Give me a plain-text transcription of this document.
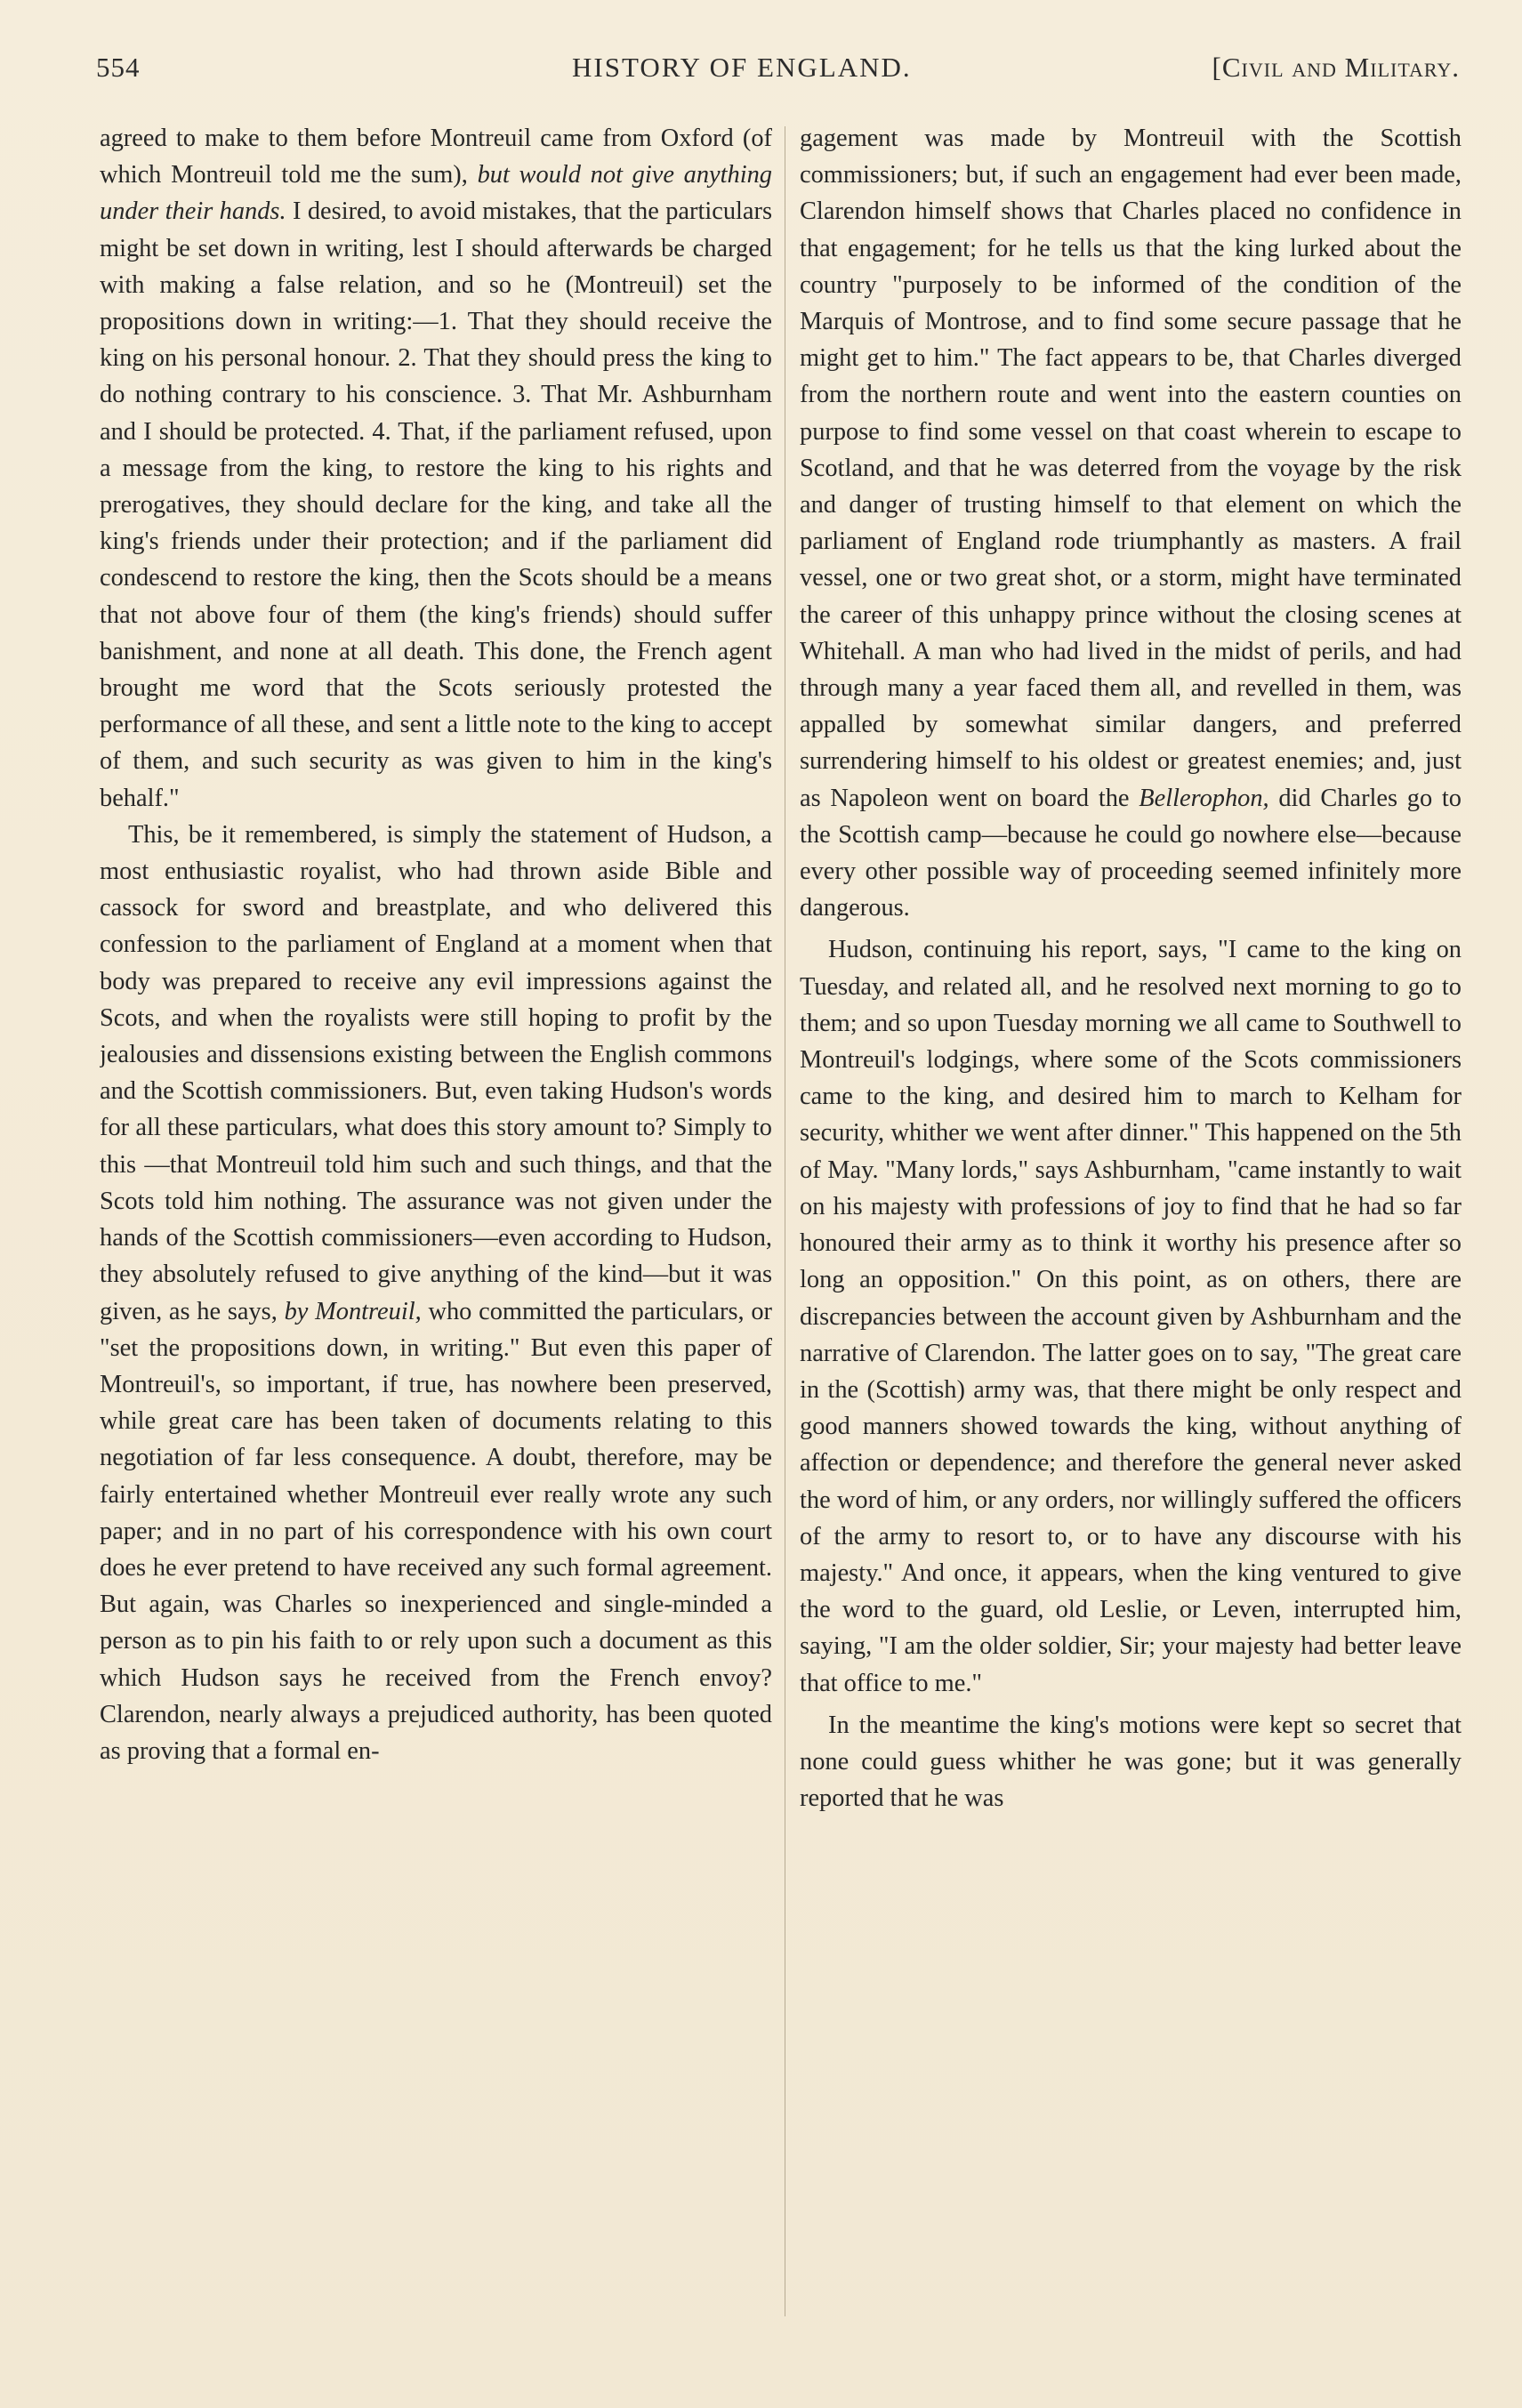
554	HISTORY OF ENGLAND.	[Civil and Military.

agreed to make to them before Montreuil came from Oxford (of which Montreuil told me the sum), but would not give anything under their hands. I desired, to avoid mistakes, that the particulars might be set down in writing, lest I should afterwards be charged with making a false relation, and so he (Montreuil) set the propositions down in writing:—1. That they should receive the king on his personal honour. 2. That they should press the king to do nothing contrary to his conscience. 3. That Mr. Ashburnham and I should be protected. 4. That, if the parliament refused, upon a message from the king, to restore the king to his rights and prerogatives, they should declare for the king, and take all the king's friends under their protection; and if the parliament did condescend to restore the king, then the Scots should be a means that not above four of them (the king's friends) should suffer banishment, and none at all death. This done, the French agent brought me word that the Scots seriously protested the performance of all these, and sent a little note to the king to accept of them, and such security as was given to him in the king's behalf."

This, be it remembered, is simply the statement of Hudson, a most enthusiastic royalist, who had thrown aside Bible and cassock for sword and breastplate, and who delivered this confession to the parliament of England at a moment when that body was prepared to receive any evil impressions against the Scots, and when the royalists were still hoping to profit by the jealousies and dissensions existing between the English commons and the Scottish commissioners. But, even taking Hudson's words for all these particulars, what does this story amount to? Simply to this —that Montreuil told him such and such things, and that the Scots told him nothing. The assurance was not given under the hands of the Scottish commissioners—even according to Hudson, they absolutely refused to give anything of the kind—but it was given, as he says, by Montreuil, who committed the particulars, or "set the propositions down, in writing." But even this paper of Montreuil's, so important, if true, has nowhere been preserved, while great care has been taken of documents relating to this negotiation of far less consequence. A doubt, therefore, may be fairly entertained whether Montreuil ever really wrote any such paper; and in no part of his correspondence with his own court does he ever pretend to have received any such formal agreement. But again, was Charles so inexperienced and single-minded a person as to pin his faith to or rely upon such a document as this which Hudson says he received from the French envoy? Clarendon, nearly always a prejudiced authority, has been quoted as proving that a formal en-

gagement was made by Montreuil with the Scottish commissioners; but, if such an engagement had ever been made, Clarendon himself shows that Charles placed no confidence in that engagement; for he tells us that the king lurked about the country "purposely to be informed of the condition of the Marquis of Montrose, and to find some secure passage that he might get to him." The fact appears to be, that Charles diverged from the northern route and went into the eastern counties on purpose to find some vessel on that coast wherein to escape to Scotland, and that he was deterred from the voyage by the risk and danger of trusting himself to that element on which the parliament of England rode triumphantly as masters. A frail vessel, one or two great shot, or a storm, might have terminated the career of this unhappy prince without the closing scenes at Whitehall. A man who had lived in the midst of perils, and had through many a year faced them all, and revelled in them, was appalled by somewhat similar dangers, and preferred surrendering himself to his oldest or greatest enemies; and, just as Napoleon went on board the Bellerophon, did Charles go to the Scottish camp—because he could go nowhere else—because every other possible way of proceeding seemed infinitely more dangerous.

Hudson, continuing his report, says, "I came to the king on Tuesday, and related all, and he resolved next morning to go to them; and so upon Tuesday morning we all came to Southwell to Montreuil's lodgings, where some of the Scots commissioners came to the king, and desired him to march to Kelham for security, whither we went after dinner." This happened on the 5th of May. "Many lords," says Ashburnham, "came instantly to wait on his majesty with professions of joy to find that he had so far honoured their army as to think it worthy his presence after so long an opposition." On this point, as on others, there are discrepancies between the account given by Ashburnham and the narrative of Clarendon. The latter goes on to say, "The great care in the (Scottish) army was, that there might be only respect and good manners showed towards the king, without anything of affection or dependence; and therefore the general never asked the word of him, or any orders, nor willingly suffered the officers of the army to resort to, or to have any discourse with his majesty." And once, it appears, when the king ventured to give the word to the guard, old Leslie, or Leven, interrupted him, saying, "I am the older soldier, Sir; your majesty had better leave that office to me."

In the meantime the king's motions were kept so secret that none could guess whither he was gone; but it was generally reported that he was
